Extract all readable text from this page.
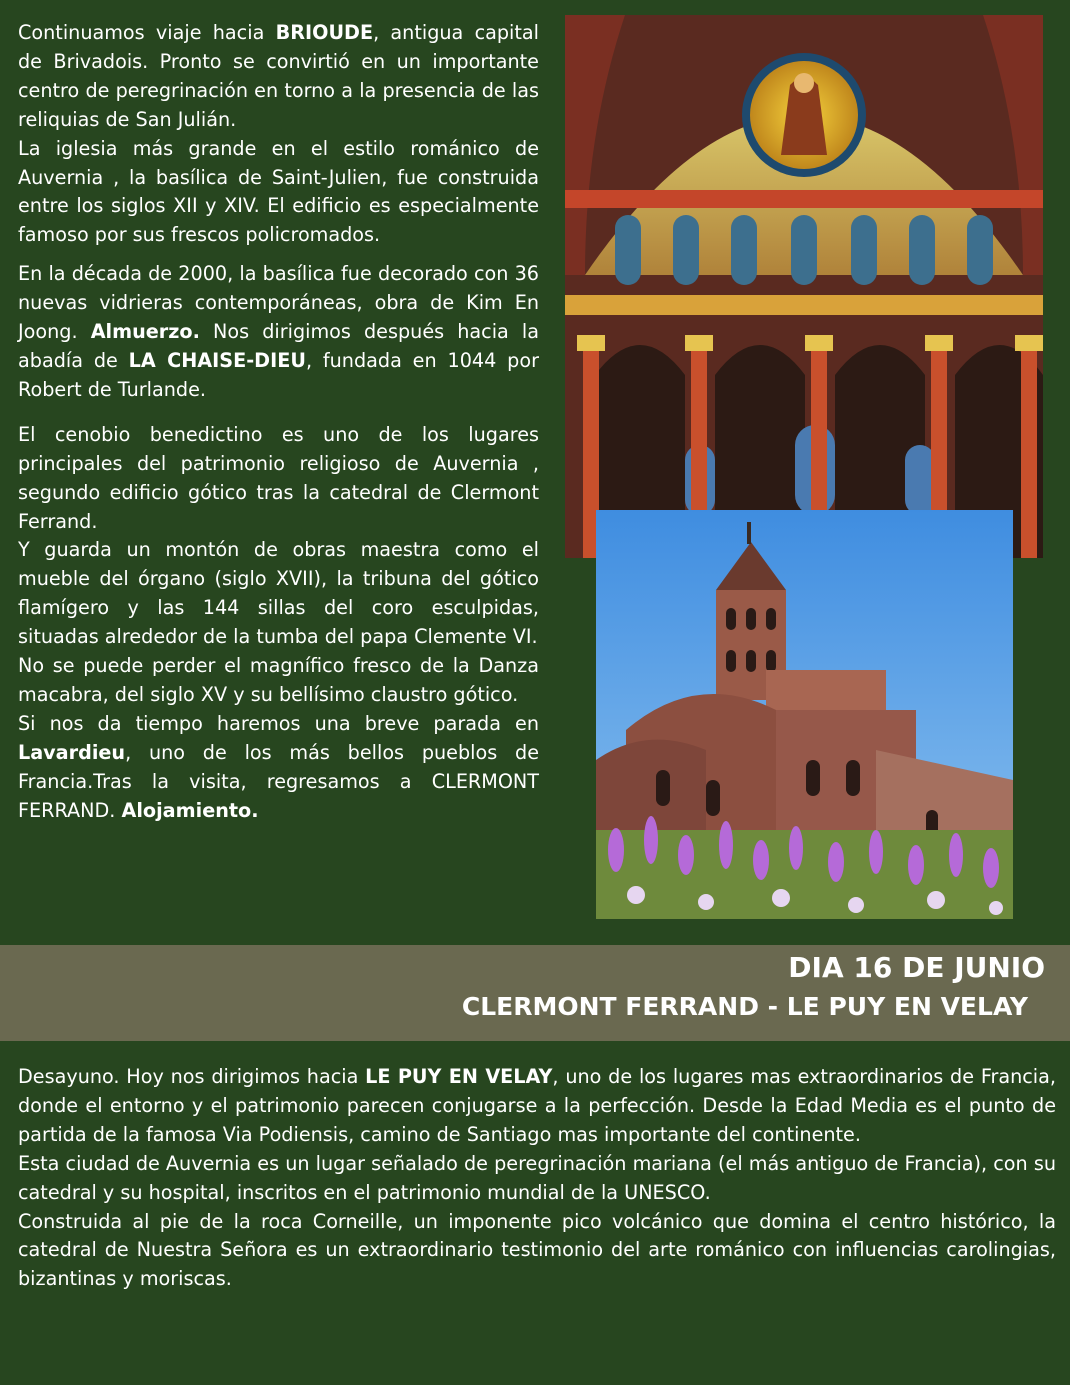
Continuamos viaje hacia BRIOUDE, antigua capital de Brivadois. Pronto se convirtió en un importante centro de peregrinación en torno a la presencia de las reliquias de San Julián.

La iglesia más grande en el estilo románico de Auvernia , la basílica de Saint-Julien, fue construida entre los siglos XII y XIV. El edificio es especialmente famoso por sus frescos policromados.

En la década de 2000, la basílica fue decorado con 36 nuevas vidrieras contemporáneas, obra de Kim En Joong. Almuerzo. Nos dirigimos después hacia la abadía de LA CHAISE-DIEU, fundada en 1044 por Robert de Turlande.

El cenobio benedictino es uno de los lugares principales del patrimonio religioso de Auvernia , segundo edificio gótico tras la catedral de Clermont Ferrand.

Y guarda un montón de obras maestra como el mueble del órgano (siglo XVII), la tribuna del gótico flamígero y las 144 sillas del coro esculpidas, situadas alrededor de la tumba del papa Clemente VI.

No se puede perder el magnífico fresco de la Danza macabra, del siglo XV y su bellísimo claustro gótico.

Si nos da tiempo haremos una breve parada en Lavardieu, uno de los más bellos pueblos de Francia.Tras la visita, regresamos a CLERMONT FERRAND. Alojamiento.

DIA 16 DE JUNIO
CLERMONT FERRAND - LE PUY EN VELAY

Desayuno. Hoy nos dirigimos hacia LE PUY EN VELAY, uno de los lugares mas extraordinarios de Francia, donde el entorno y el patrimonio parecen conjugarse a la perfección. Desde la Edad Media es el punto de partida de la famosa Via Podiensis, camino de Santiago mas importante del continente.

Esta ciudad de Auvernia es un lugar señalado de peregrinación mariana (el más antiguo de Francia), con su catedral y su hospital, inscritos en el patrimonio mundial de la UNESCO.

Construida al pie de la roca Corneille, un imponente pico volcánico que domina el centro histórico, la catedral de Nuestra Señora es un extraordinario testimonio del arte románico con influencias carolingias, bizantinas y moriscas.
